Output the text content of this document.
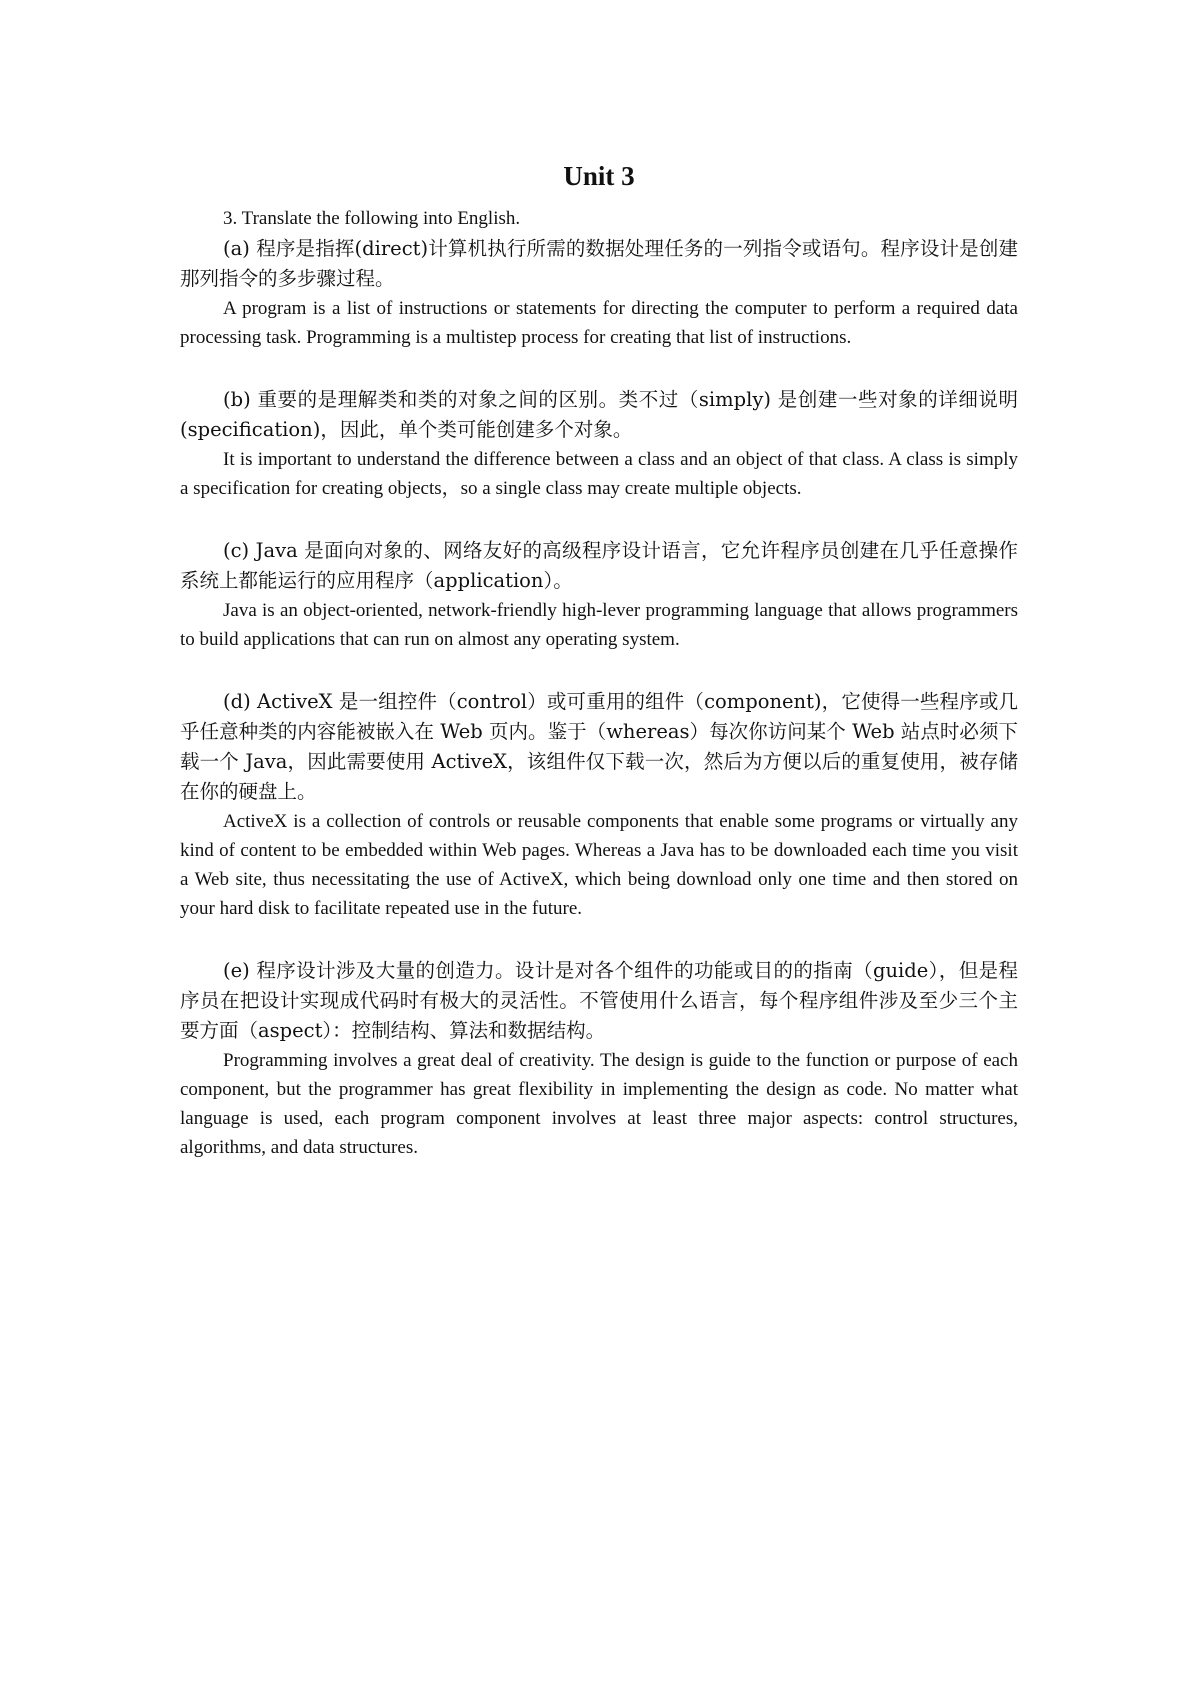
Unit 3

3. Translate the following into English.

(a) 程序是指挥(direct)计算机执行所需的数据处理任务的一列指令或语句。程序设计是创建那列指令的多步骤过程。

A program is a list of instructions or statements for directing the computer to perform a required data processing task. Programming is a multistep process for creating that list of instructions.

(b) 重要的是理解类和类的对象之间的区别。类不过（simply) 是创建一些对象的详细说明(specification)，因此，单个类可能创建多个对象。

It is important to understand the difference between a class and an object of that class. A class is simply a specification for creating objects，so a single class may create multiple objects.

(c) Java 是面向对象的、网络友好的高级程序设计语言，它允许程序员创建在几乎任意操作系统上都能运行的应用程序（application）。

Java is an object-oriented, network-friendly high-lever programming language that allows programmers to build applications that can run on almost any operating system.

(d) ActiveX 是一组控件（control）或可重用的组件（component)，它使得一些程序或几乎任意种类的内容能被嵌入在 Web 页内。鉴于（whereas）每次你访问某个 Web 站点时必须下载一个 Java，因此需要使用 ActiveX，该组件仅下载一次，然后为方便以后的重复使用，被存储在你的硬盘上。

ActiveX is a collection of controls or reusable components that enable some programs or virtually any kind of content to be embedded within Web pages. Whereas a Java has to be downloaded each time you visit a Web site, thus necessitating the use of ActiveX, which being download only one time and then stored on your hard disk to facilitate repeated use in the future.

(e) 程序设计涉及大量的创造力。设计是对各个组件的功能或目的的指南（guide），但是程序员在把设计实现成代码时有极大的灵活性。不管使用什么语言，每个程序组件涉及至少三个主要方面（aspect）：控制结构、算法和数据结构。

Programming involves a great deal of creativity. The design is guide to the function or purpose of each component, but the programmer has great flexibility in implementing the design as code. No matter what language is used, each program component involves at least three major aspects: control structures, algorithms, and data structures.
